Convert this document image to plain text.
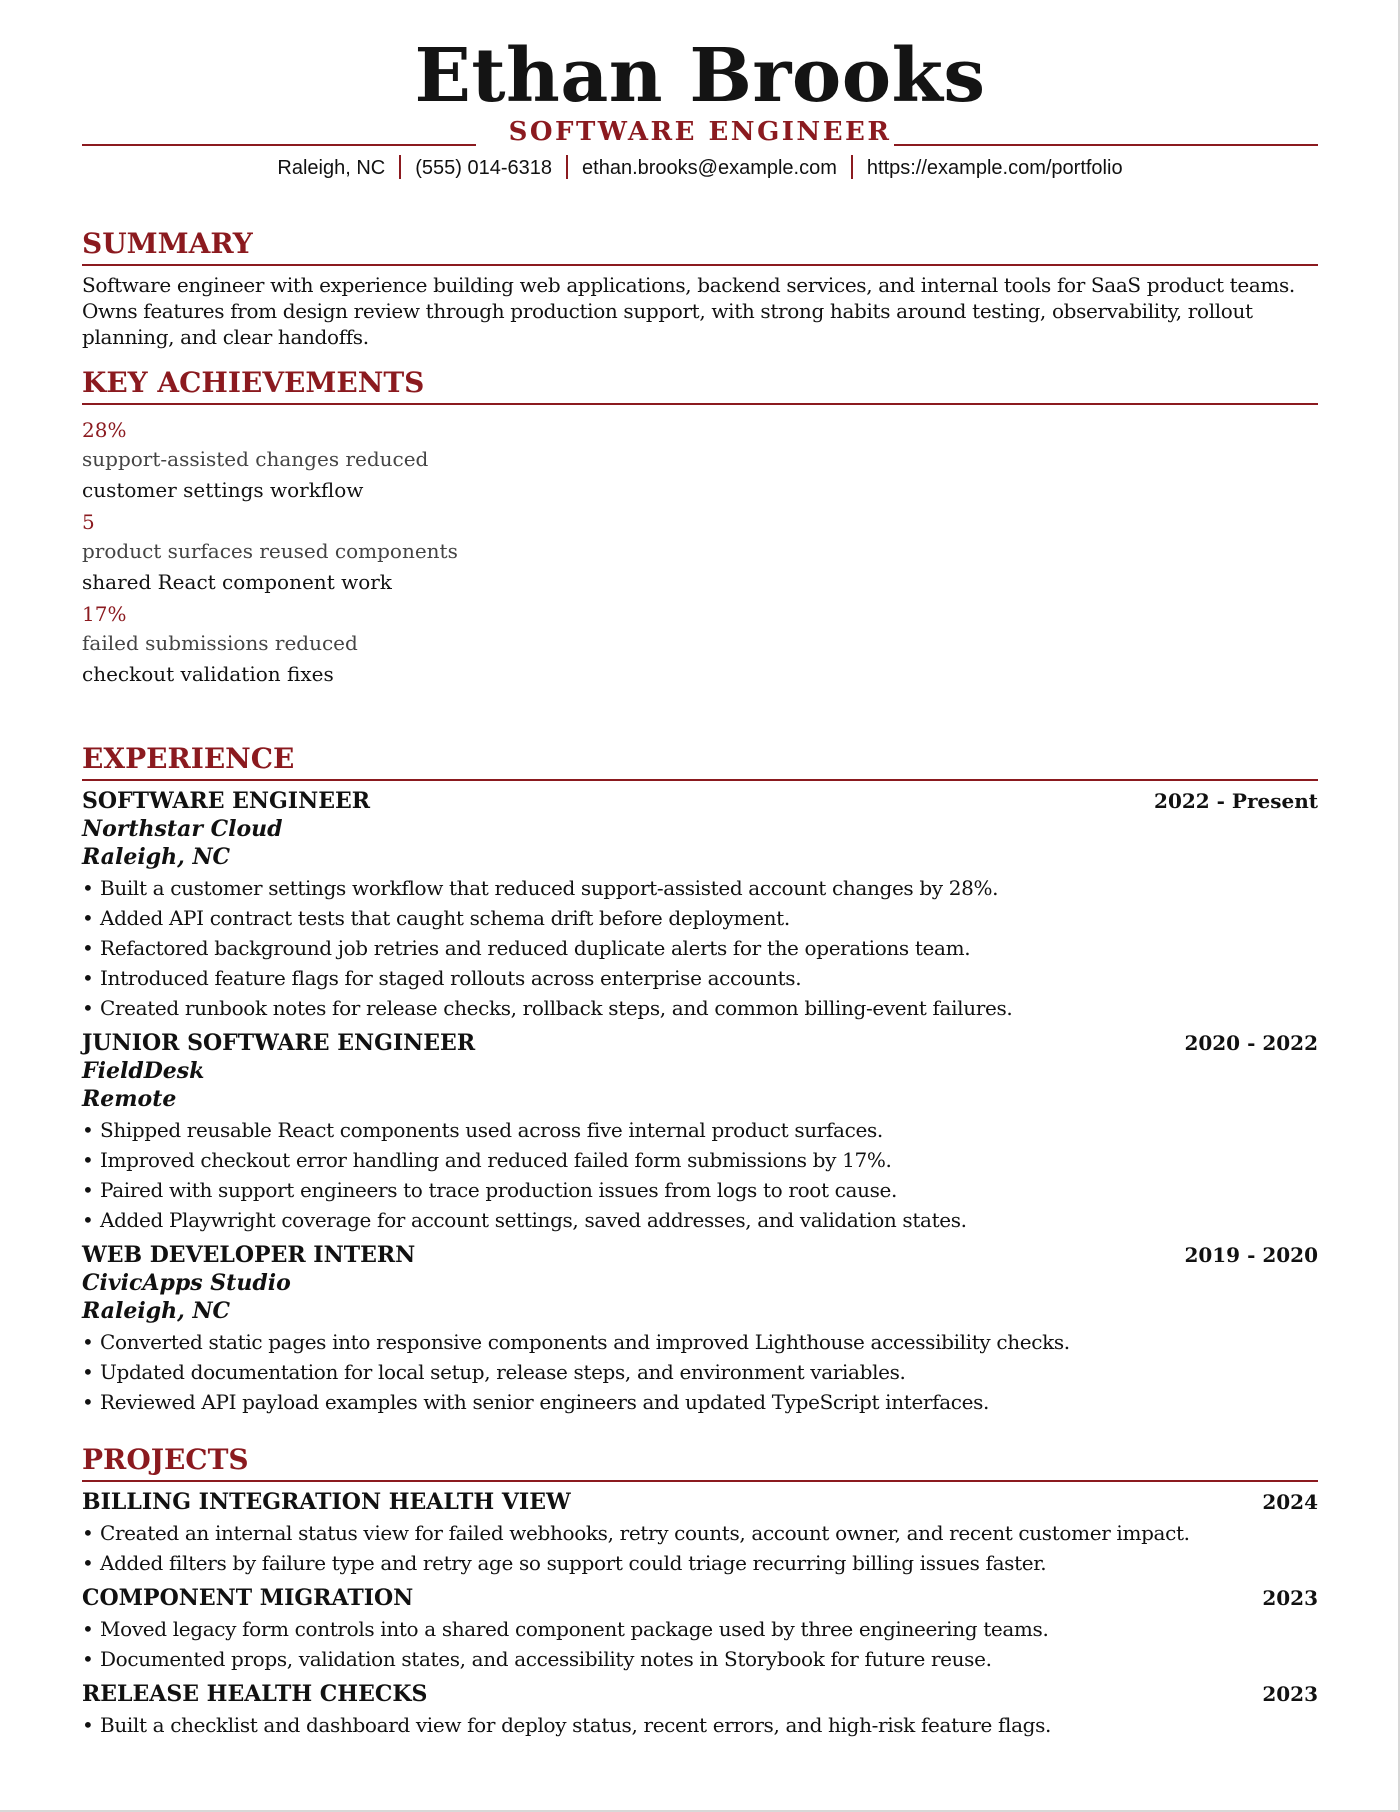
Ethan Brooks
SOFTWARE ENGINEER
Raleigh, NC (555) 014-6318 ethan.brooks@example.com https://example.com/portfolio
SUMMARY
Software engineer with experience building web applications, backend services, and internal tools for SaaS product teams. Owns features from design review through production support, with strong habits around testing, observability, rollout planning, and clear handoffs.
KEY ACHIEVEMENTS
28%
support-assisted changes reduced
customer settings workflow
5
product surfaces reused components
shared React component work
17%
failed submissions reduced
checkout validation fixes
EXPERIENCE
SOFTWARE ENGINEER	2022 - Present
Northstar Cloud
Raleigh, NC
• Built a customer settings workflow that reduced support-assisted account changes by 28%.
• Added API contract tests that caught schema drift before deployment.
• Refactored background job retries and reduced duplicate alerts for the operations team.
• Introduced feature flags for staged rollouts across enterprise accounts.
• Created runbook notes for release checks, rollback steps, and common billing-event failures.
JUNIOR SOFTWARE ENGINEER	2020 - 2022
FieldDesk
Remote
• Shipped reusable React components used across five internal product surfaces.
• Improved checkout error handling and reduced failed form submissions by 17%.
• Paired with support engineers to trace production issues from logs to root cause.
• Added Playwright coverage for account settings, saved addresses, and validation states.
WEB DEVELOPER INTERN	2019 - 2020
CivicApps Studio
Raleigh, NC
• Converted static pages into responsive components and improved Lighthouse accessibility checks.
• Updated documentation for local setup, release steps, and environment variables.
• Reviewed API payload examples with senior engineers and updated TypeScript interfaces.
PROJECTS
BILLING INTEGRATION HEALTH VIEW	2024
• Created an internal status view for failed webhooks, retry counts, account owner, and recent customer impact.
• Added filters by failure type and retry age so support could triage recurring billing issues faster.
COMPONENT MIGRATION	2023
• Moved legacy form controls into a shared component package used by three engineering teams.
• Documented props, validation states, and accessibility notes in Storybook for future reuse.
RELEASE HEALTH CHECKS	2023
• Built a checklist and dashboard view for deploy status, recent errors, and high-risk feature flags.
